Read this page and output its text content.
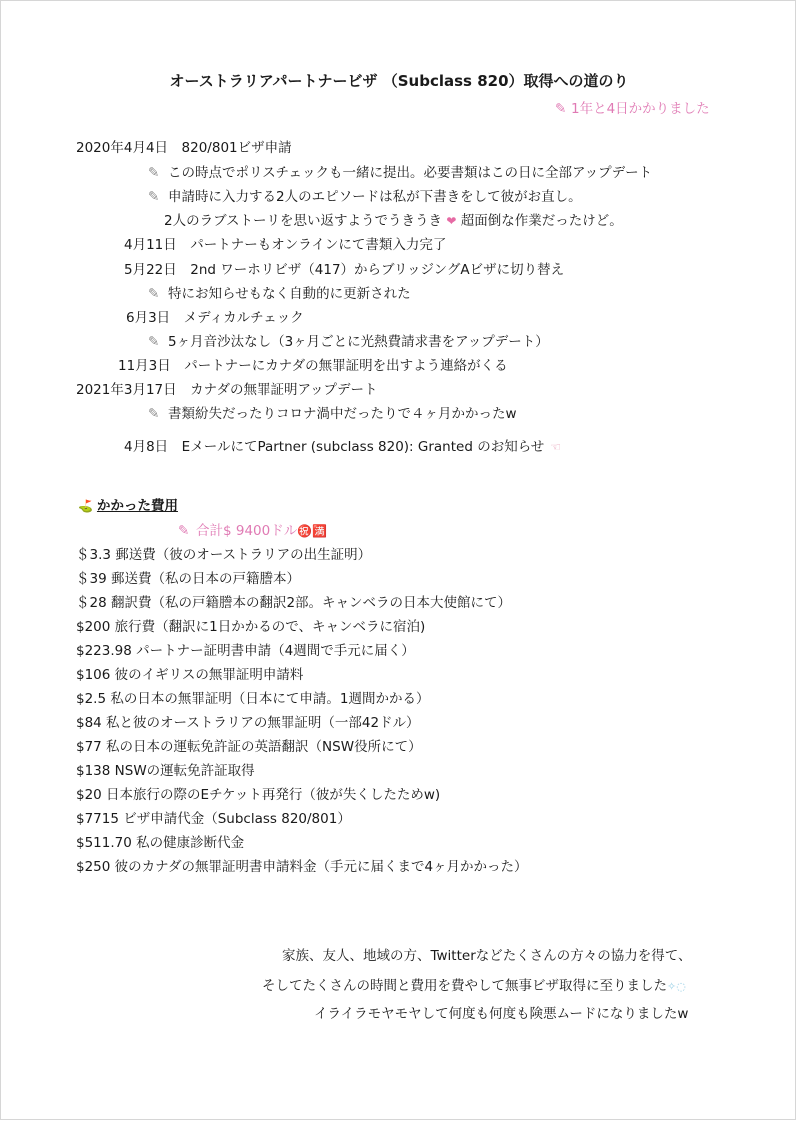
オーストラリアパートナービザ （Subclass 820）取得への道のり
✎ 1年と4日かかりました
2020年4月4日　820/801ビザ申請
✎ この時点でポリスチェックも一緒に提出。必要書類はこの日に全部アップデート
✎ 申請時に入力する2人のエピソードは私が下書きをして彼がお直し。
2人のラブストーリを思い返すようでうきうき ❤ 超面倒な作業だったけど。
4月11日　パートナーもオンラインにて書類入力完了
5月22日　2nd ワーホリビザ（417）からブリッジングAビザに切り替え
✎ 特にお知らせもなく自動的に更新された
6月3日　メディカルチェック
✎ 5ヶ月音沙汰なし（3ヶ月ごとに光熱費請求書をアップデート）
11月3日　パートナーにカナダの無罪証明を出すよう連絡がくる
2021年3月17日　カナダの無罪証明アップデート
✎ 書類紛失だったりコロナ渦中だったりで４ヶ月かかったw
4月8日　EメールにてPartner (subclass 820): Granted のお知らせ ☜
⛳ かかった費用
✎ 合計$ 9400ドル㊗️🈵
＄3.3 郵送費（彼のオーストラリアの出生証明）
＄39 郵送費（私の日本の戸籍謄本）
＄28 翻訳費（私の戸籍謄本の翻訳2部。キャンベラの日本大使館にて）
$200 旅行費（翻訳に1日かかるので、キャンベラに宿泊)
$223.98 パートナー証明書申請（4週間で手元に届く）
$106 彼のイギリスの無罪証明申請料
$2.5 私の日本の無罪証明（日本にて申請。1週間かかる）
$84 私と彼のオーストラリアの無罪証明（一部42ドル）
$77 私の日本の運転免許証の英語翻訳（NSW役所にて）
$138 NSWの運転免許証取得
$20 日本旅行の際のEチケット再発行（彼が失くしたためw)
$7715 ビザ申請代金（Subclass 820/801）
$511.70 私の健康診断代金
$250 彼のカナダの無罪証明書申請料金（手元に届くまで4ヶ月かかった）
家族、友人、地域の方、Twitterなどたくさんの方々の協力を得て、
そしてたくさんの時間と費用を費やして無事ビザ取得に至りました✧◌
イライラモヤモヤして何度も何度も険悪ムードになりましたw
